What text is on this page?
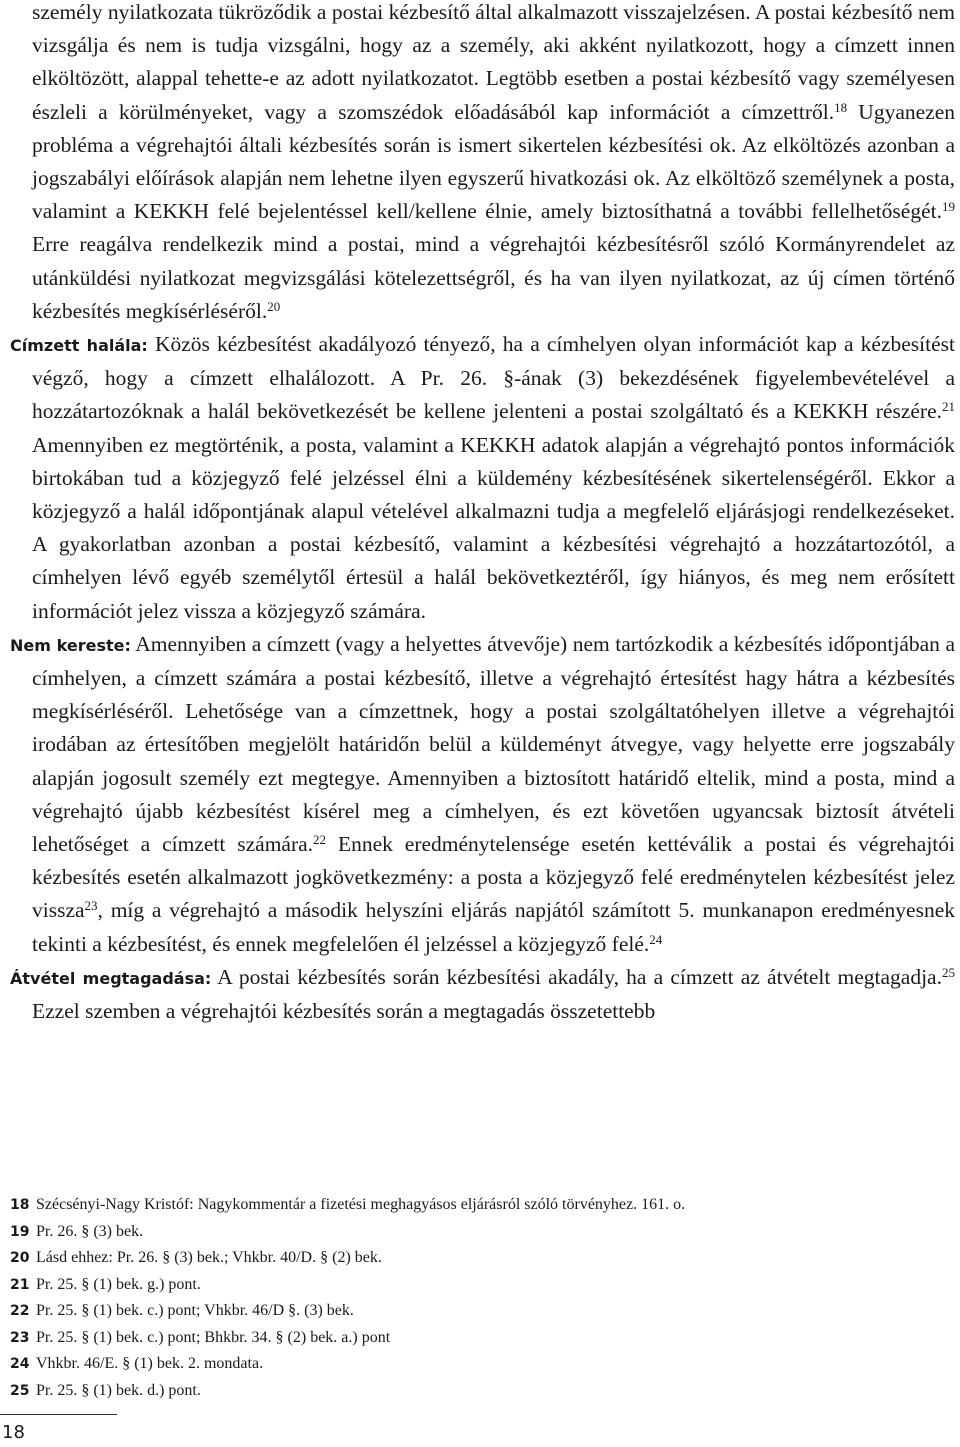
személy nyilatkozata tükröződik a postai kézbesítő által alkalmazott visszajelzésen. A postai kézbesítő nem vizsgálja és nem is tudja vizsgálni, hogy az a személy, aki akként nyilatkozott, hogy a címzett innen elköltözött, alappal tehette-e az adott nyilatkozatot. Legtöbb esetben a postai kézbesítő vagy személyesen észleli a körülményeket, vagy a szomszédok előadásából kap információt a címzettről.$^{18}$ Ugyanezen probléma a végrehajtói általi kézbesítés során is ismert sikertelen kézbesítési ok. Az elköltözés azonban a jogszabályi előírások alapján nem lehetne ilyen egyszerű hivatkozási ok. Az elköltöző személynek a posta, valamint a KEKKH felé bejelentéssel kell/kellene élnie, amely biztosíthatná a további fellelhetőségét.$^{19}$ Erre reagálva rendelkezik mind a postai, mind a végrehajtói kézbesítésről szóló Kormányrendelet az utánküldési nyilatkozat megvizsgálási kötelezettségről, és ha van ilyen nyilatkozat, az új címen történő kézbesítés megkísérléséről.$^{20}$

Címzett halála: Közös kézbesítést akadályozó tényező, ha a címhelyen olyan információt kap a kézbesítést végző, hogy a címzett elhalálozott. A Pr. 26. §-ának (3) bekezdésének figyelembevételével a hozzátartozóknak a halál bekövetkezését be kellene jelenteni a postai szolgáltató és a KEKKH részére.$^{21}$ Amennyiben ez megtörténik, a posta, valamint a KEKKH adatok alapján a végrehajtó pontos információk birtokában tud a közjegyző felé jelzéssel élni a küldemény kézbesítésének sikertelenségéről. Ekkor a közjegyző a halál időpontjának alapul vételével alkalmazni tudja a megfelelő eljárásjogi rendelkezéseket. A gyakorlatban azonban a postai kézbesítő, valamint a kézbesítési végrehajtó a hozzátartozótól, a címhelyen lévő egyéb személytől értesül a halál bekövetkeztéről, így hiányos, és meg nem erősített információt jelez vissza a közjegyző számára.

Nem kereste: Amennyiben a címzett (vagy a helyettes átvevője) nem tartózkodik a kézbesítés időpontjában a címhelyen, a címzett számára a postai kézbesítő, illetve a végrehajtó értesítést hagy hátra a kézbesítés megkísérléséről. Lehetősége van a címzettnek, hogy a postai szolgáltatóhelyen illetve a végrehajtói irodában az értesítőben megjelölt határidőn belül a küldeményt átvegye, vagy helyette erre jogszabály alapján jogosult személy ezt megtegye. Amennyiben a biztosított határidő eltelik, mind a posta, mind a végrehajtó újabb kézbesítést kísérel meg a címhelyen, és ezt követően ugyancsak biztosít átvételi lehetőséget a címzett számára.$^{22}$ Ennek eredménytelensége esetén kettéválik a postai és végrehajtói kézbesítés esetén alkalmazott jogkövetkezmény: a posta a közjegyző felé eredménytelen kézbesítést jelez vissza$^{23}$, míg a végrehajtó a második helyszíni eljárás napjától számított 5. munkanapon eredményesnek tekinti a kézbesítést, és ennek megfelelően él jelzéssel a közjegyző felé.$^{24}$

Átvétel megtagadása: A postai kézbesítés során kézbesítési akadály, ha a címzett az átvételt megtagadja.$^{25}$ Ezzel szemben a végrehajtói kézbesítés során a megtagadás összetettebb

18 Szécsényi-Nagy Kristóf: Nagykommentár a fizetési meghagyásos eljárásról szóló törvényhez. 161. o.
19 Pr. 26. § (3) bek.
20 Lásd ehhez: Pr. 26. § (3) bek.; Vhkbr. 40/D. § (2) bek.
21 Pr. 25. § (1) bek. g.) pont.
22 Pr. 25. § (1) bek. c.) pont; Vhkbr. 46/D §. (3) bek.
23 Pr. 25. § (1) bek. c.) pont; Bhkbr. 34. § (2) bek. a.) pont
24 Vhkbr. 46/E. § (1) bek. 2. mondata.
25 Pr. 25. § (1) bek. d.) pont.
18
